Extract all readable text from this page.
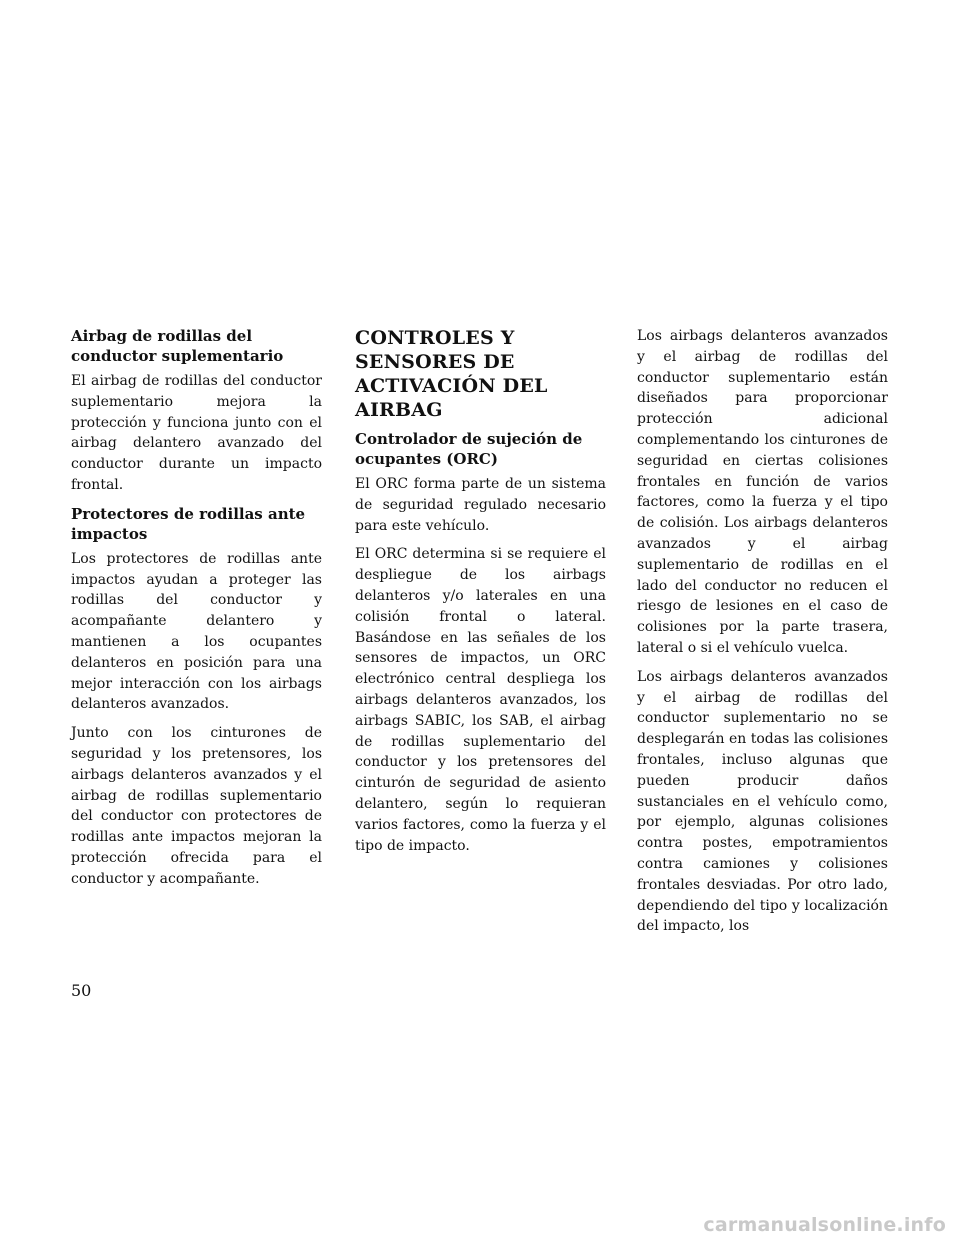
Airbag de rodillas del conductor suplementario

El airbag de rodillas del conductor suplementario mejora la protección y funciona junto con el airbag delantero avanzado del conductor durante un impacto frontal.

Protectores de rodillas ante impactos

Los protectores de rodillas ante impactos ayudan a proteger las rodillas del conductor y acompañante delantero y mantienen a los ocupantes delanteros en posición para una mejor interacción con los airbags delanteros avanzados.

Junto con los cinturones de seguridad y los pretensores, los airbags delanteros avanzados y el airbag de rodillas suplementario del conductor con protectores de rodillas ante impactos mejoran la protección ofrecida para el conductor y acompañante.

CONTROLES Y SENSORES DE ACTIVACIÓN DEL AIRBAG
Controlador de sujeción de ocupantes (ORC)

El ORC forma parte de un sistema de seguridad regulado necesario para este vehículo.

El ORC determina si se requiere el despliegue de los airbags delanteros y/o laterales en una colisión frontal o lateral. Basándose en las señales de los sensores de impactos, un ORC electrónico central despliega los airbags delanteros avanzados, los airbags SABIC, los SAB, el airbag de rodillas suplementario del conductor y los pretensores del cinturón de seguridad de asiento delantero, según lo requieran varios factores, como la fuerza y el tipo de impacto.

Los airbags delanteros avanzados y el airbag de rodillas del conductor suplementario están diseñados para proporcionar protección adicional complementando los cinturones de seguridad en ciertas colisiones frontales en función de varios factores, como la fuerza y el tipo de colisión. Los airbags delanteros avanzados y el airbag suplementario de rodillas en el lado del conductor no reducen el riesgo de lesiones en el caso de colisiones por la parte trasera, lateral o si el vehículo vuelca.

Los airbags delanteros avanzados y el airbag de rodillas del conductor suplementario no se desplegarán en todas las colisiones frontales, incluso algunas que pueden producir daños sustanciales en el vehículo como, por ejemplo, algunas colisiones contra postes, empotramientos contra camiones y colisiones frontales desviadas. Por otro lado, dependiendo del tipo y localización del impacto, los

50
carmanualsonline.info
